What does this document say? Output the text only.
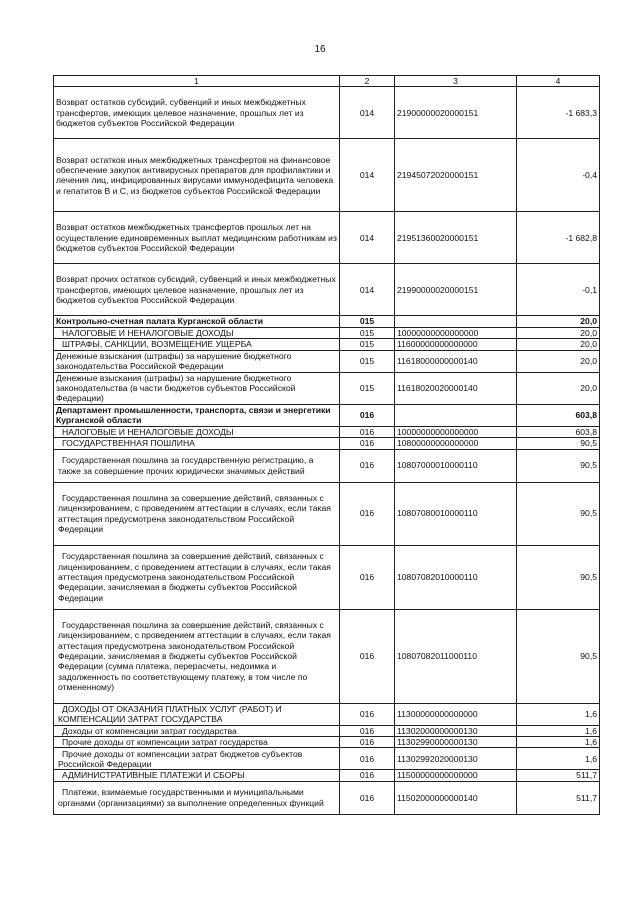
16
1	2	3	4
Возврат остатков субсидий, субвенций и иных межбюджетных трансфертов, имеющих целевое назначение, прошлых лет из бюджетов субъектов Российской Федерации	014	21900000020000151	-1 683,3
Возврат остатков иных межбюджетных трансфертов на финансовое обеспечение закупок антивирусных препаратов для профилактики и лечения лиц, инфицированных вирусами иммунодефицита человека и гепатитов B и C, из бюджетов субъектов Российской Федерации	014	21945072020000151	-0,4
Возврат остатков межбюджетных трансфертов прошлых лет на осуществление единовременных выплат медицинским работникам из бюджетов субъектов Российской Федерации	014	21951360020000151	-1 682,8
Возврат прочих остатков субсидий, субвенций и иных межбюджетных трансфертов, имеющих целевое назначение, прошлых лет из бюджетов субъектов Российской Федерации	014	21990000020000151	-0,1
Контрольно-счетная палата Курганской области	015		20,0
НАЛОГОВЫЕ И НЕНАЛОГОВЫЕ ДОХОДЫ	015	10000000000000000	20,0
ШТРАФЫ, САНКЦИИ, ВОЗМЕЩЕНИЕ УЩЕРБА	015	11600000000000000	20,0
Денежные взыскания (штрафы) за нарушение бюджетного законодательства Российской Федерации	015	11618000000000140	20,0
Денежные взыскания (штрафы) за нарушение бюджетного законодательства (в части бюджетов субъектов Российской Федерации)	015	11618020020000140	20,0
Департамент промышленности, транспорта, связи и энергетики Курганской области	016		603,8
НАЛОГОВЫЕ И НЕНАЛОГОВЫЕ ДОХОДЫ	016	10000000000000000	603,8
ГОСУДАРСТВЕННАЯ ПОШЛИНА	016	10800000000000000	90,5
Государственная пошлина за государственную регистрацию, а также за совершение прочих юридически значимых действий	016	10807000010000110	90,5
Государственная пошлина за совершение действий, связанных с лицензированием, с проведением аттестации в случаях, если такая аттестация предусмотрена законодательством Российской Федерации	016	10807080010000110	90,5
Государственная пошлина за совершение действий, связанных с лицензированием, с проведением аттестации в случаях, если такая аттестация предусмотрена законодательством Российской Федерации, зачисляемая в бюджеты субъектов Российской Федерации	016	10807082010000110	90,5
Государственная пошлина за совершение действий, связанных с лицензированием, с проведением аттестации в случаях, если такая аттестация предусмотрена законодательством Российской Федерации, зачисляемая в бюджеты субъектов Российской Федерации (сумма платежа, перерасчеты, недоимка и задолженность по соответствующему платежу, в том числе по отмененному)	016	10807082011000110	90,5
ДОХОДЫ ОТ ОКАЗАНИЯ ПЛАТНЫХ УСЛУГ (РАБОТ) И КОМПЕНСАЦИИ ЗАТРАТ ГОСУДАРСТВА	016	11300000000000000	1,6
Доходы от компенсации затрат государства	016	11302000000000130	1,6
Прочие доходы от компенсации затрат государства	016	11302990000000130	1,6
Прочие доходы от компенсации затрат бюджетов субъектов Российской Федерации	016	11302992020000130	1,6
АДМИНИСТРАТИВНЫЕ ПЛАТЕЖИ И СБОРЫ	016	11500000000000000	511,7
Платежи, взимаемые государственными и муниципальными органами (организациями) за выполнение определенных функций	016	11502000000000140	511,7
